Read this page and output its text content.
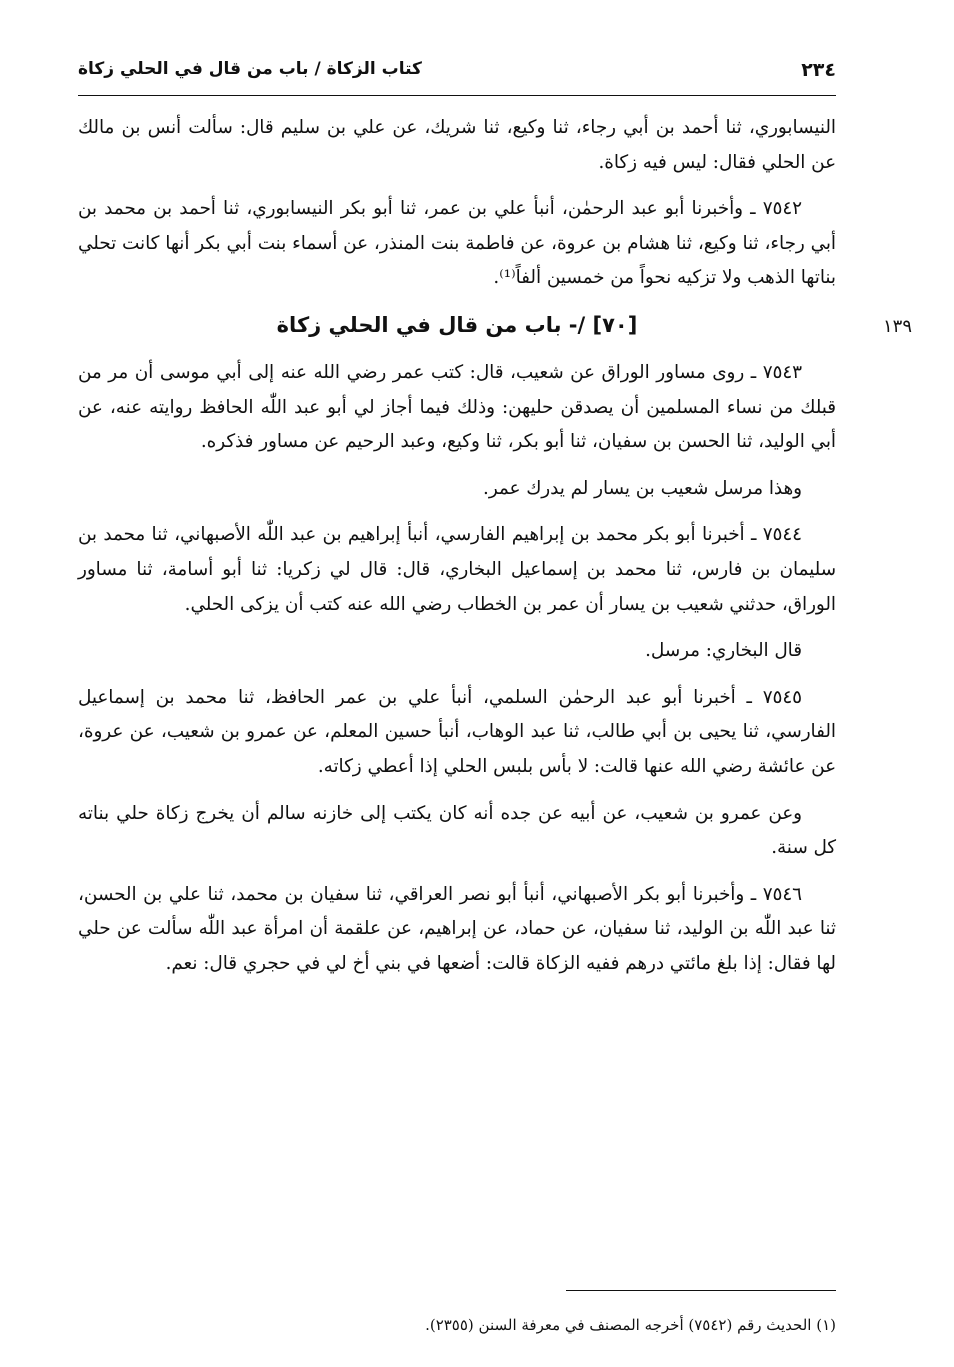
٢٣٤
كتاب الزكاة / باب من قال في الحلي زكاة

النيسابوري، ثنا أحمد بن أبي رجاء، ثنا وكيع، ثنا شريك، عن علي بن سليم قال: سألت أنس بن مالك عن الحلي فقال: ليس فيه زكاة.

٧٥٤٢ ـ وأخبرنا أبو عبد الرحمٰن، أنبأ علي بن عمر، ثنا أبو بكر النيسابوري، ثنا أحمد بن محمد بن أبي رجاء، ثنا وكيع، ثنا هشام بن عروة، عن فاطمة بنت المنذر، عن أسماء بنت أبي بكر أنها كانت تحلي بناتها الذهب ولا تزكيه نحواً من خمسين ألفاً⁽¹⁾.

[٧٠] /- باب من قال في الحلي زكاة	١٣٩

٧٥٤٣ ـ روى مساور الوراق عن شعيب، قال: كتب عمر رضي الله عنه إلى أبي موسى أن مر من قبلك من نساء المسلمين أن يصدقن حليهن: وذلك فيما أجاز لي أبو عبد اللّٰه الحافظ روايته عنه، عن أبي الوليد، ثنا الحسن بن سفيان، ثنا أبو بكر، ثنا وكيع، وعبد الرحيم عن مساور فذكره.

وهذا مرسل شعيب بن يسار لم يدرك عمر.

٧٥٤٤ ـ أخبرنا أبو بكر محمد بن إبراهيم الفارسي، أنبأ إبراهيم بن عبد اللّٰه الأصبهاني، ثنا محمد بن سليمان بن فارس، ثنا محمد بن إسماعيل البخاري، قال: قال لي زكريا: ثنا أبو أسامة، ثنا مساور الوراق، حدثني شعيب بن يسار أن عمر بن الخطاب رضي الله عنه كتب أن يزكى الحلي.

قال البخاري: مرسل.

٧٥٤٥ ـ أخبرنا أبو عبد الرحمٰن السلمي، أنبأ علي بن عمر الحافظ، ثنا محمد بن إسماعيل الفارسي، ثنا يحيى بن أبي طالب، ثنا عبد الوهاب، أنبأ حسين المعلم، عن عمرو بن شعيب، عن عروة، عن عائشة رضي الله عنها قالت: لا بأس بلبس الحلي إذا أعطي زكاته.

وعن عمرو بن شعيب، عن أبيه عن جده أنه كان يكتب إلى خازنه سالم أن يخرج زكاة حلي بناته كل سنة.

٧٥٤٦ ـ وأخبرنا أبو بكر الأصبهاني، أنبأ أبو نصر العراقي، ثنا سفيان بن محمد، ثنا علي بن الحسن، ثنا عبد اللّٰه بن الوليد، ثنا سفيان، عن حماد، عن إبراهيم، عن علقمة أن امرأة عبد اللّٰه سألت عن حلي لها فقال: إذا بلغ مائتي درهم ففيه الزكاة قالت: أضعها في بني أخ لي في حجري قال: نعم.

(١) الحديث رقم (٧٥٤٢) أخرجه المصنف في معرفة السنن (٢٣٥٥).
